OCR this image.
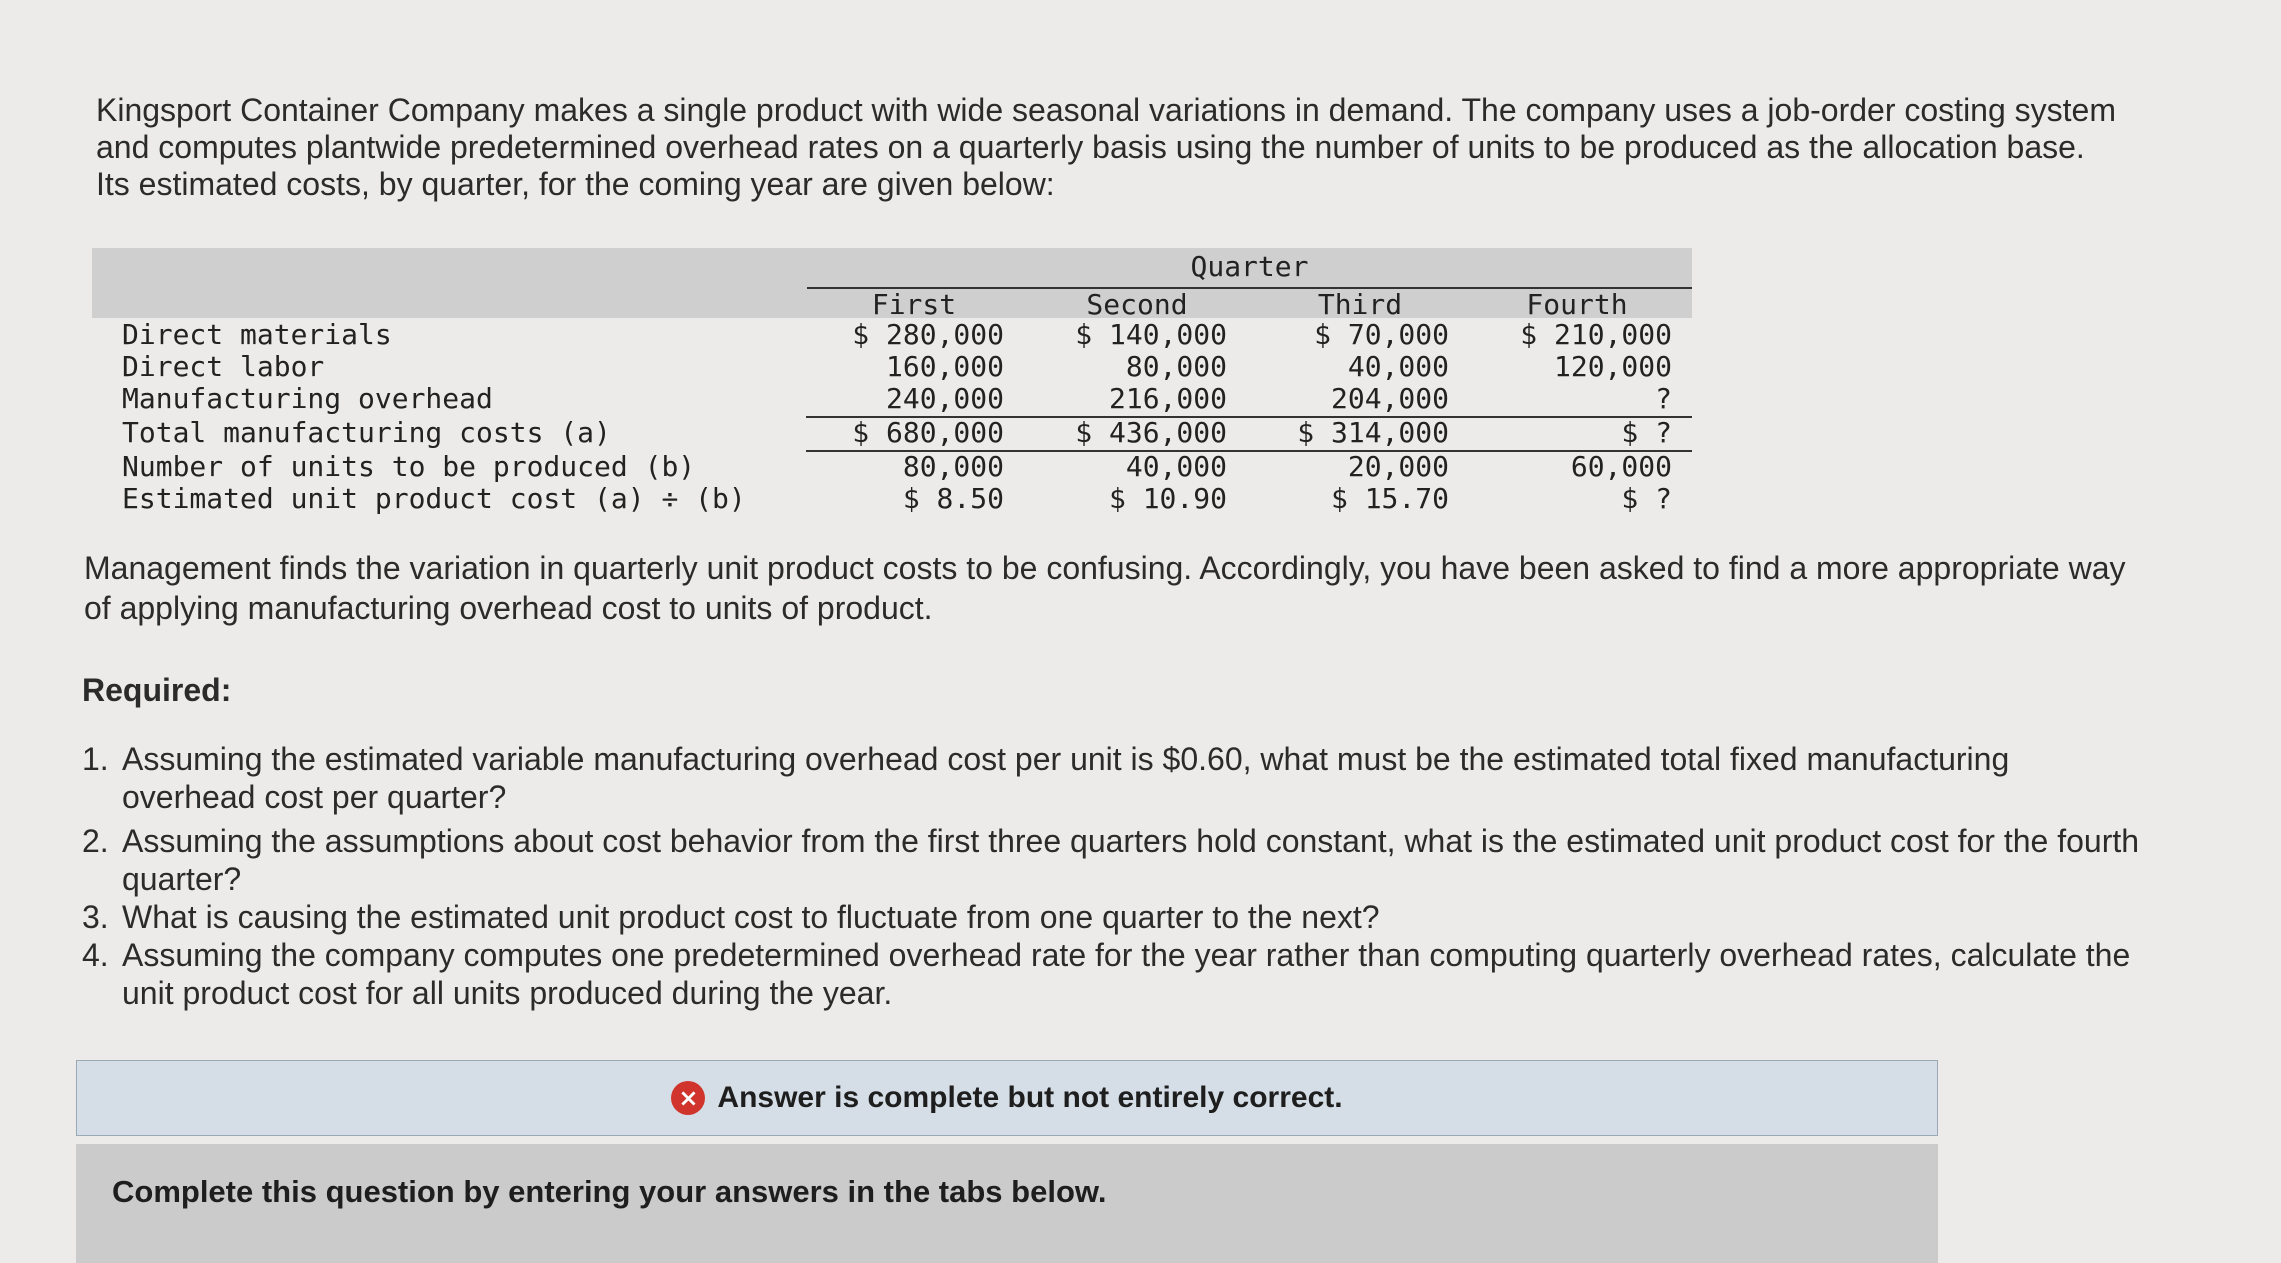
Kingsport Container Company makes a single product with wide seasonal variations in demand. The company uses a job-order costing system and computes plantwide predetermined overhead rates on a quarterly basis using the number of units to be produced as the allocation base. Its estimated costs, by quarter, for the coming year are given below:

Quarter
First	Second	Third	Fourth
Direct materials	$ 280,000	$ 140,000	$ 70,000	$ 210,000
Direct labor	160,000	80,000	40,000	120,000
Manufacturing overhead	240,000	216,000	204,000	?
Total manufacturing costs (a)	$ 680,000	$ 436,000	$ 314,000	$ ?
Number of units to be produced (b)	80,000	40,000	20,000	60,000
Estimated unit product cost (a) ÷ (b)	$ 8.50	$ 10.90	$ 15.70	$ ?

Management finds the variation in quarterly unit product costs to be confusing. Accordingly, you have been asked to find a more appropriate way of applying manufacturing overhead cost to units of product.

Required:
1. Assuming the estimated variable manufacturing overhead cost per unit is $0.60, what must be the estimated total fixed manufacturing overhead cost per quarter?
2. Assuming the assumptions about cost behavior from the first three quarters hold constant, what is the estimated unit product cost for the fourth quarter?
3. What is causing the estimated unit product cost to fluctuate from one quarter to the next?
4. Assuming the company computes one predetermined overhead rate for the year rather than computing quarterly overhead rates, calculate the unit product cost for all units produced during the year.
× Answer is complete but not entirely correct.
Complete this question by entering your answers in the tabs below.
